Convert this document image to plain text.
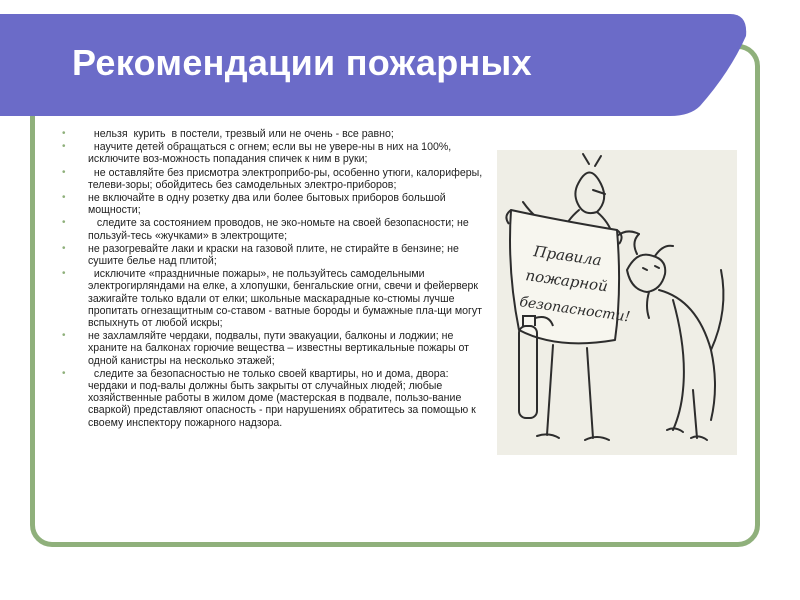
Рекомендации пожарных
• нельзя  курить  в постели, трезвый или не очень - все равно;
• научите детей обращаться с огнем; если вы не увере-ны в них на 100%, исключите воз-можность попадания спичек к ним в руки;
• не оставляйте без присмотра электроприбо-ры, особенно утюги, калориферы, телеви-зоры; обойдитесь без самодельных электро-приборов;
• не включайте в одну розетку два или более бытовых приборов большой мощности;
• следите за состоянием проводов, не эко-номьте на своей безопасности; не пользуй-тесь «жучками» в электрощите;
• не разогревайте лаки и краски на газовой плите, не стирайте в бензине; не сушите белье над плитой;
• исключите «праздничные пожары», не пользуйтесь самодельными электрогирляндами на елке, а хлопушки, бенгальские огни, свечи и фейерверк зажигайте только вдали от елки; школьные маскарадные ко-стюмы лучше пропитать огнезащитным со-ставом - ватные бороды и бумажные пла-щи могут вспыхнуть от любой искры;
• не захламляйте чердаки, подвалы, пути эвакуации, балконы и лоджии; не храните на балконах горючие вещества – известны вертикальные пожары от одной канистры на несколько этажей;
• следите за безопасностью не только своей квартиры, но и дома, двора: чердаки и под-валы должны быть закрыты от случайных людей; любые хозяйственные работы в жилом доме (мастерская в подвале, пользо-вание сваркой) представляют опасность - при нарушениях обратитесь за помощью к своему инспектору пожарного надзора.
Правила
пожарной
безопасности!
